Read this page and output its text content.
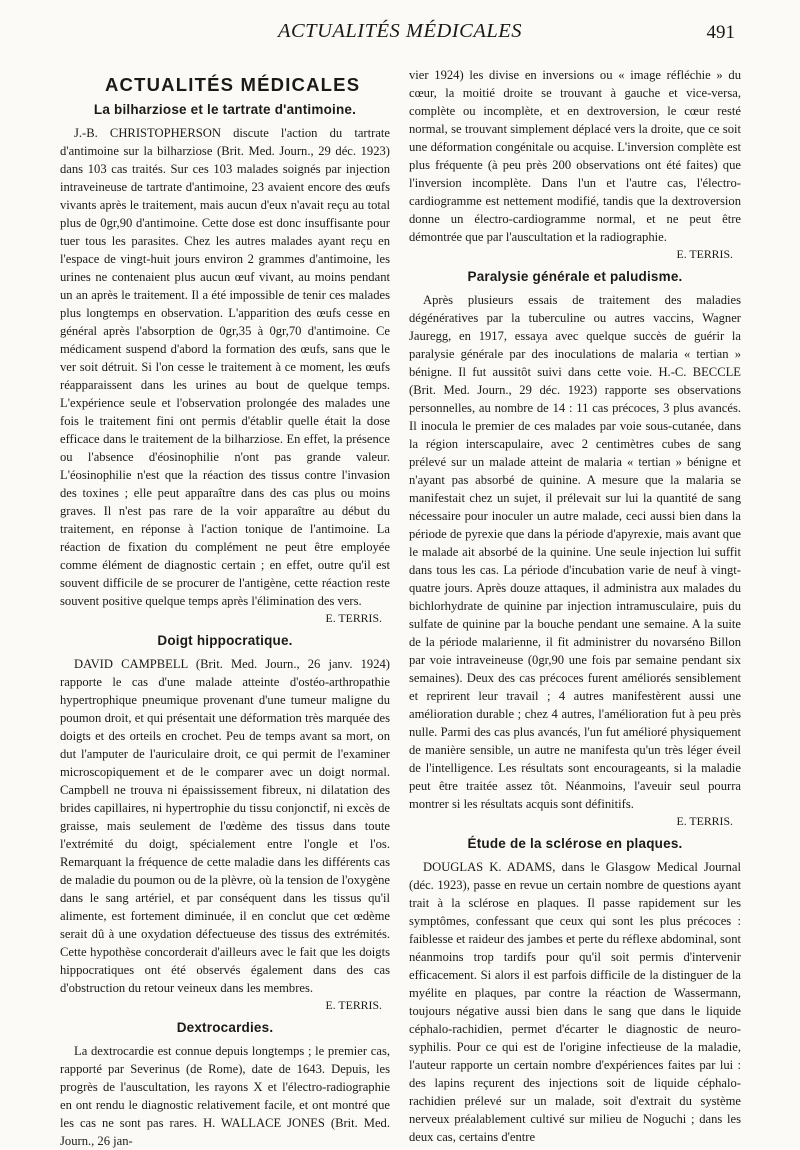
ACTUALITÉS MÉDICALES	491
ACTUALITÉS MÉDICALES
La bilharziose et le tartrate d'antimoine.

J.-B. CHRISTOPHERSON discute l'action du tartrate d'antimoine sur la bilharziose (Brit. Med. Journ., 29 déc. 1923) dans 103 cas traités. Sur ces 103 malades soignés par injection intraveineuse de tartrate d'antimoine, 23 avaient encore des œufs vivants après le traitement, mais aucun d'eux n'avait reçu au total plus de 0gr,90 d'antimoine. Cette dose est donc insuffisante pour tuer tous les parasites. Chez les autres malades ayant reçu en l'espace de vingt-huit jours environ 2 grammes d'antimoine, les urines ne contenaient plus aucun œuf vivant, au moins pendant un an après le traitement. Il a été impossible de tenir ces malades plus longtemps en observation. L'apparition des œufs cesse en général après l'absorption de 0gr,35 à 0gr,70 d'antimoine. Ce médicament suspend d'abord la formation des œufs, sans que le ver soit détruit. Si l'on cesse le traitement à ce moment, les œufs réapparaissent dans les urines au bout de quelque temps. L'expérience seule et l'observation prolongée des malades une fois le traitement fini ont permis d'établir quelle était la dose efficace dans le traitement de la bilharziose. En effet, la présence ou l'absence d'éosinophilie n'ont pas grande valeur. L'éosinophilie n'est que la réaction des tissus contre l'invasion des toxines ; elle peut apparaître dans des cas plus ou moins graves. Il n'est pas rare de la voir apparaître au début du traitement, en réponse à l'action tonique de l'antimoine. La réaction de fixation du complément ne peut être employée comme élément de diagnostic certain ; en effet, outre qu'il est souvent difficile de se procurer de l'antigène, cette réaction reste souvent positive quelque temps après l'élimination des vers.

E. TERRIS.
Doigt hippocratique.

DAVID CAMPBELL (Brit. Med. Journ., 26 janv. 1924) rapporte le cas d'une malade atteinte d'ostéo-arthropathie hypertrophique pneumique provenant d'une tumeur maligne du poumon droit, et qui présentait une déformation très marquée des doigts et des orteils en crochet. Peu de temps avant sa mort, on dut l'amputer de l'auriculaire droit, ce qui permit de l'examiner microscopiquement et de le comparer avec un doigt normal. Campbell ne trouva ni épaississement fibreux, ni dilatation des brides capillaires, ni hypertrophie du tissu conjonctif, ni excès de graisse, mais seulement de l'œdème des tissus dans toute l'extrémité du doigt, spécialement entre l'ongle et l'os. Remarquant la fréquence de cette maladie dans les différents cas de maladie du poumon ou de la plèvre, où la tension de l'oxygène dans le sang artériel, et par conséquent dans les tissus qu'il alimente, est fortement diminuée, il en conclut que cet œdème serait dû à une oxydation défectueuse des tissus des extrémités. Cette hypothèse concorderait d'ailleurs avec le fait que les doigts hippocratiques ont été observés également dans des cas d'obstruction du retour veineux dans les membres.

E. TERRIS.
Dextrocardies.

La dextrocardie est connue depuis longtemps ; le premier cas, rapporté par Severinus (de Rome), date de 1643. Depuis, les progrès de l'auscultation, les rayons X et l'électro-radiographie en ont rendu le diagnostic relativement facile, et ont montré que les cas ne sont pas rares. H. WALLACE JONES (Brit. Med. Journ., 26 jan-

vier 1924) les divise en inversions ou « image réfléchie » du cœur, la moitié droite se trouvant à gauche et vice-versa, complète ou incomplète, et en dextroversion, le cœur resté normal, se trouvant simplement déplacé vers la droite, que ce soit une déformation congénitale ou acquise. L'inversion complète est plus fréquente (à peu près 200 observations ont été faites) que l'inversion incomplète. Dans l'un et l'autre cas, l'électro-cardiogramme est nettement modifié, tandis que la dextroversion donne un électro-cardiogramme normal, et ne peut être démontrée que par l'auscultation et la radiographie.

E. TERRIS.
Paralysie générale et paludisme.

Après plusieurs essais de traitement des maladies dégénératives par la tuberculine ou autres vaccins, Wagner Jauregg, en 1917, essaya avec quelque succès de guérir la paralysie générale par des inoculations de malaria « tertian » bénigne. Il fut aussitôt suivi dans cette voie. H.-C. BECCLE (Brit. Med. Journ., 29 déc. 1923) rapporte ses observations personnelles, au nombre de 14 : 11 cas précoces, 3 plus avancés. Il inocula le premier de ces malades par voie sous-cutanée, dans la région interscapulaire, avec 2 centimètres cubes de sang prélevé sur un malade atteint de malaria « tertian » bénigne et n'ayant pas absorbé de quinine. A mesure que la malaria se manifestait chez un sujet, il prélevait sur lui la quantité de sang nécessaire pour inoculer un autre malade, ceci aussi bien dans la période de pyrexie que dans la période d'apyrexie, mais avant que le malade ait absorbé de la quinine. Une seule injection lui suffit dans tous les cas. La période d'incubation varie de neuf à vingt-quatre jours. Après douze attaques, il administra aux malades du bichlorhydrate de quinine par injection intramusculaire, puis du sulfate de quinine par la bouche pendant une semaine. A la suite de la période malarienne, il fit administrer du novarséno Billon par voie intraveineuse (0gr,90 une fois par semaine pendant six semaines). Deux des cas précoces furent améliorés sensiblement et reprirent leur travail ; 4 autres manifestèrent aussi une amélioration durable ; chez 4 autres, l'amélioration fut à peu près nulle. Parmi des cas plus avancés, l'un fut amélioré physiquement de manière sensible, un autre ne manifesta qu'un très léger éveil de l'intelligence. Les résultats sont encourageants, si la maladie peut être traitée assez tôt. Néanmoins, l'aveuir seul pourra montrer si les résultats acquis sont définitifs.

E. TERRIS.
Étude de la sclérose en plaques.

DOUGLAS K. ADAMS, dans le Glasgow Medical Journal (déc. 1923), passe en revue un certain nombre de questions ayant trait à la sclérose en plaques. Il passe rapidement sur les symptômes, confessant que ceux qui sont les plus précoces : faiblesse et raideur des jambes et perte du réflexe abdominal, sont néanmoins trop tardifs pour qu'il soit permis d'intervenir efficacement. Si alors il est parfois difficile de la distinguer de la myélite en plaques, par contre la réaction de Wassermann, toujours négative aussi bien dans le sang que dans le liquide céphalo-rachidien, permet d'écarter le diagnostic de neuro-syphilis. Pour ce qui est de l'origine infectieuse de la maladie, l'auteur rapporte un certain nombre d'expériences faites par lui : des lapins reçurent des injections soit de liquide céphalo-rachidien prélevé sur un malade, soit d'extrait du système nerveux préalablement cultivé sur milieu de Noguchi ; dans les deux cas, certains d'entre
